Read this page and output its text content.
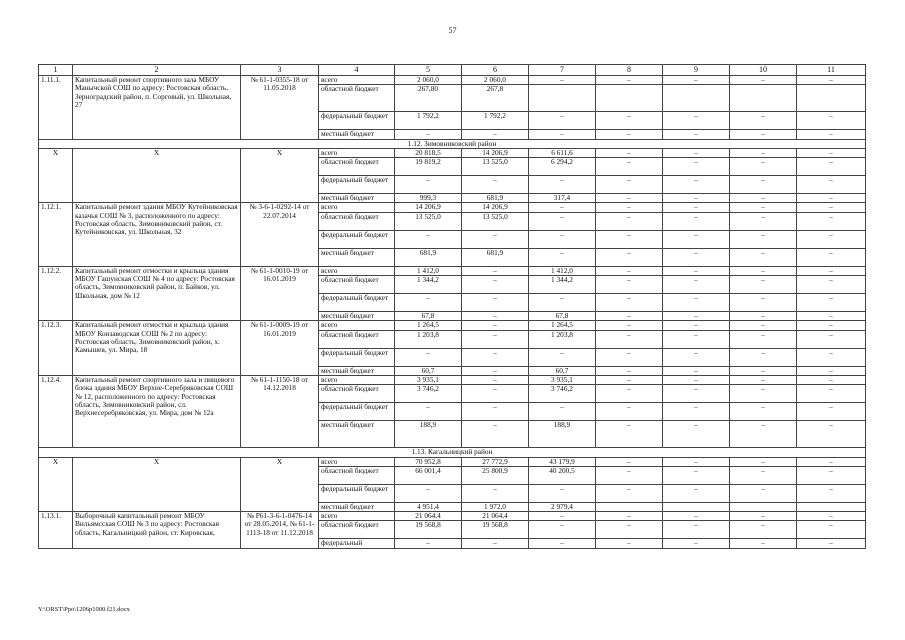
57
1	2	3	4	5	6	7	8	9	10	11
1.11.1.	Капитальный ремонт спортивного зала МБОУ Манычской СОШ по адресу: Ростовская область, Зерноградский район, п. Сорговый, ул. Школьная, 27	№ 61-1-0355-18 от 11.05.2018	всего	2 060,0	2 060,0	–	–	–	–	–
			областной бюджет	267,80	267,8					
			федеральный бюджет	1 792,2	1 792,2	–	–	–	–	–
			местный бюджет	–	–	–	–	–	–	–
1.12. Зимовниковский район										
Х	Х	Х	всего	20 818,5	14 206,9	6 611,6	–	–	–	–
			областной бюджет	19 819,2	13 525,0	6 294,2	–	–	–	–
			федеральный бюджет	–	–	–	–	–	–	–
			местный бюджет	999,3	681,9	317,4	–	–	–	–
1.12.1.	Капитальный ремонт здания МБОУ Кутейниковская казачья СОШ № 3, расположенного по адресу: Ростовская область, Зимовниковский район, ст. Кутейниковская, ул. Школьная, 32	№ 3-6-1-0292-14 от 22.07.2014	всего	14 206,9	14 206,9	–	–	–	–	–
			областной бюджет	13 525,0	13 525,0	–	–	–	–	–
			федеральный бюджет	–	–	–	–	–	–	–
			местный бюджет	681,9	681,9	–	–	–	–	–
1.12.2.	Капитальный ремонт отмостки и крыльца здания МБОУ Гашунская СОШ № 4 по адресу: Ростовская область, Зимовниковский район, п. Байков, ул. Школьная, дом № 12	№ 61-1-0010-19 от 16.01.2019	всего	1 412,0	–	1 412,0	–	–	–	–
			областной бюджет	1 344,2	–	1 344,2	–	–	–	–
			федеральный бюджет	–	–	–	–	–	–	–
			местный бюджет	67,8	–	67,8	–	–	–	–
1.12.3.	Капитальный ремонт отмостки и крыльца здания МБОУ Конзаводская СОШ № 2 по адресу: Ростовская область, Зимовниковский район, х. Камышев, ул. Мира, 18	№ 61-1-0009-19 от 16.01.2019	всего	1 264,5	–	1 264,5	–	–	–	–
			областной бюджет	1 203,8	–	1 203,8	–	–	–	–
			федеральный бюджет	–	–	–	–	–	–	–
			местный бюджет	60,7	–	60,7	–	–	–	–
1.12.4.	Капитальный ремонт спортивного зала и пищевого блока здания МБОУ Верхне-Серебряковская СОШ № 12, расположенного по адресу: Ростовская область, Зимовниковский район, сл. Верхнесеребряковская, ул. Мира, дом № 12а	№ 61-1-1150-18 от 14.12.2018	всего	3 935,1	–	3 935,1	–	–	–	–
			областной бюджет	3 746,2	–	3 746,2	–	–	–	–
			федеральный бюджет	–	–	–	–	–	–	–
			местный бюджет	188,9	–	188,9	–	–	–	–
1.13. Кагальницкий район										
Х	Х	Х	всего	70 952,8	27 772,9	43 179,9	–	–	–	–
			областной бюджет	66 001,4	25 800,9	40 200,5	–	–	–	–
			федеральный бюджет	–	–	–	–	–	–	–
			местный бюджет	4 951,4	1 972,0	2 979,4				
1.13.1.	Выборочный капитальный ремонт МБОУ Вильямсская СОШ № 3 по адресу: Ростовская область, Кагальницкий район, ст. Кировская,	№ Р61-3-6-1-0476-14 от 28.05.2014, № 61-1-1113-18 от 11.12.2018	всего	21 064,4	21 064,4	–	–	–	–	–
			областной бюджет	19 568,8	19 568,8	–	–	–	–	–
			федеральный	–	–	–	–	–	–	–
Y:\ORST\Ppo\1206p1000.f21.docx
